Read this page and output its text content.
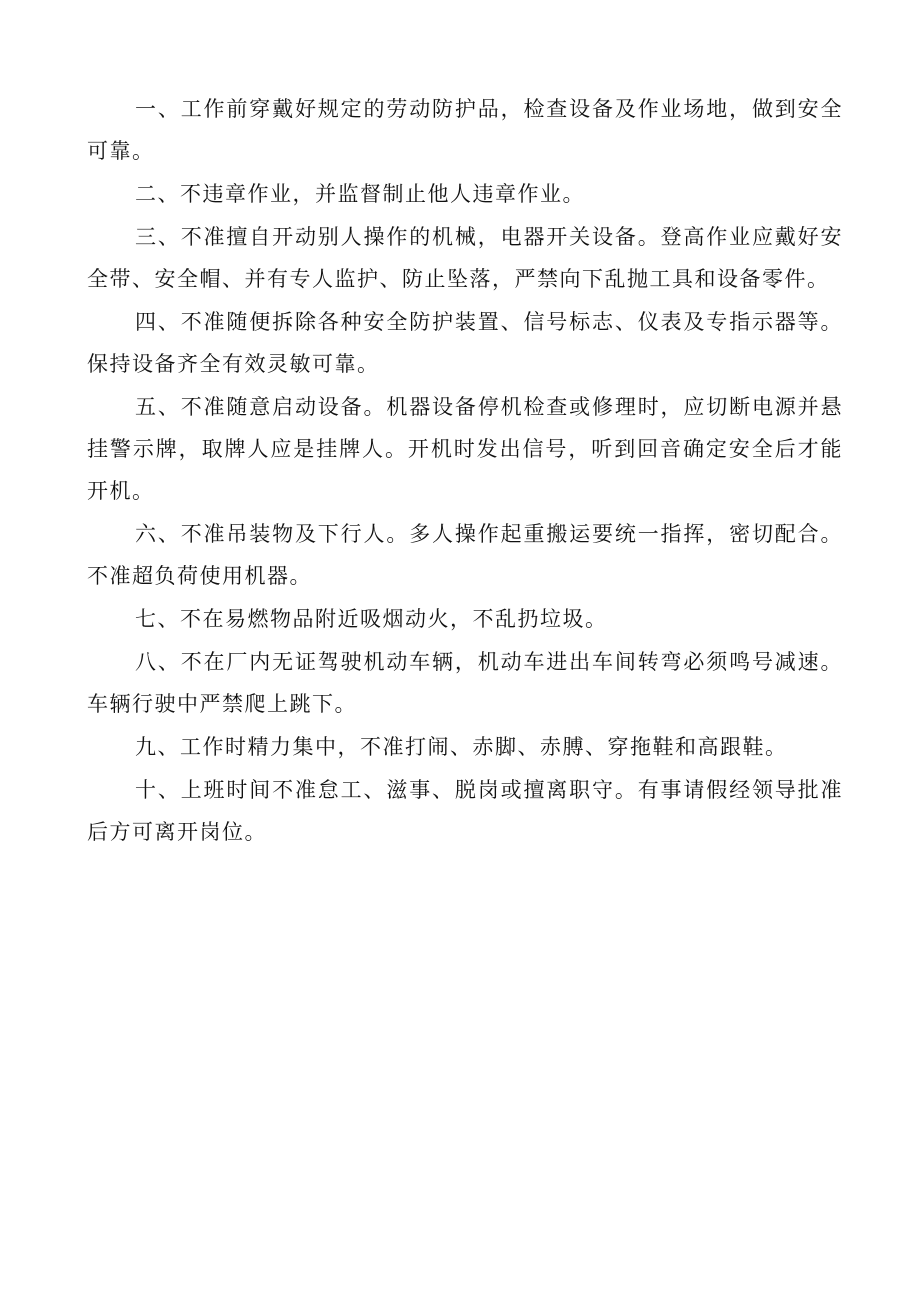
一、工作前穿戴好规定的劳动防护品，检查设备及作业场地，做到安全可靠。

二、不违章作业，并监督制止他人违章作业。

三、不准擅自开动别人操作的机械，电器开关设备。登高作业应戴好安全带、安全帽、并有专人监护、防止坠落，严禁向下乱抛工具和设备零件。

四、不准随便拆除各种安全防护装置、信号标志、仪表及专指示器等。保持设备齐全有效灵敏可靠。

五、不准随意启动设备。机器设备停机检查或修理时，应切断电源并悬挂警示牌，取牌人应是挂牌人。开机时发出信号，听到回音确定安全后才能开机。

六、不准吊装物及下行人。多人操作起重搬运要统一指挥，密切配合。不准超负荷使用机器。

七、不在易燃物品附近吸烟动火，不乱扔垃圾。

八、不在厂内无证驾驶机动车辆，机动车进出车间转弯必须鸣号减速。车辆行驶中严禁爬上跳下。

九、工作时精力集中，不准打闹、赤脚、赤膊、穿拖鞋和高跟鞋。

十、上班时间不准怠工、滋事、脱岗或擅离职守。有事请假经领导批准后方可离开岗位。
